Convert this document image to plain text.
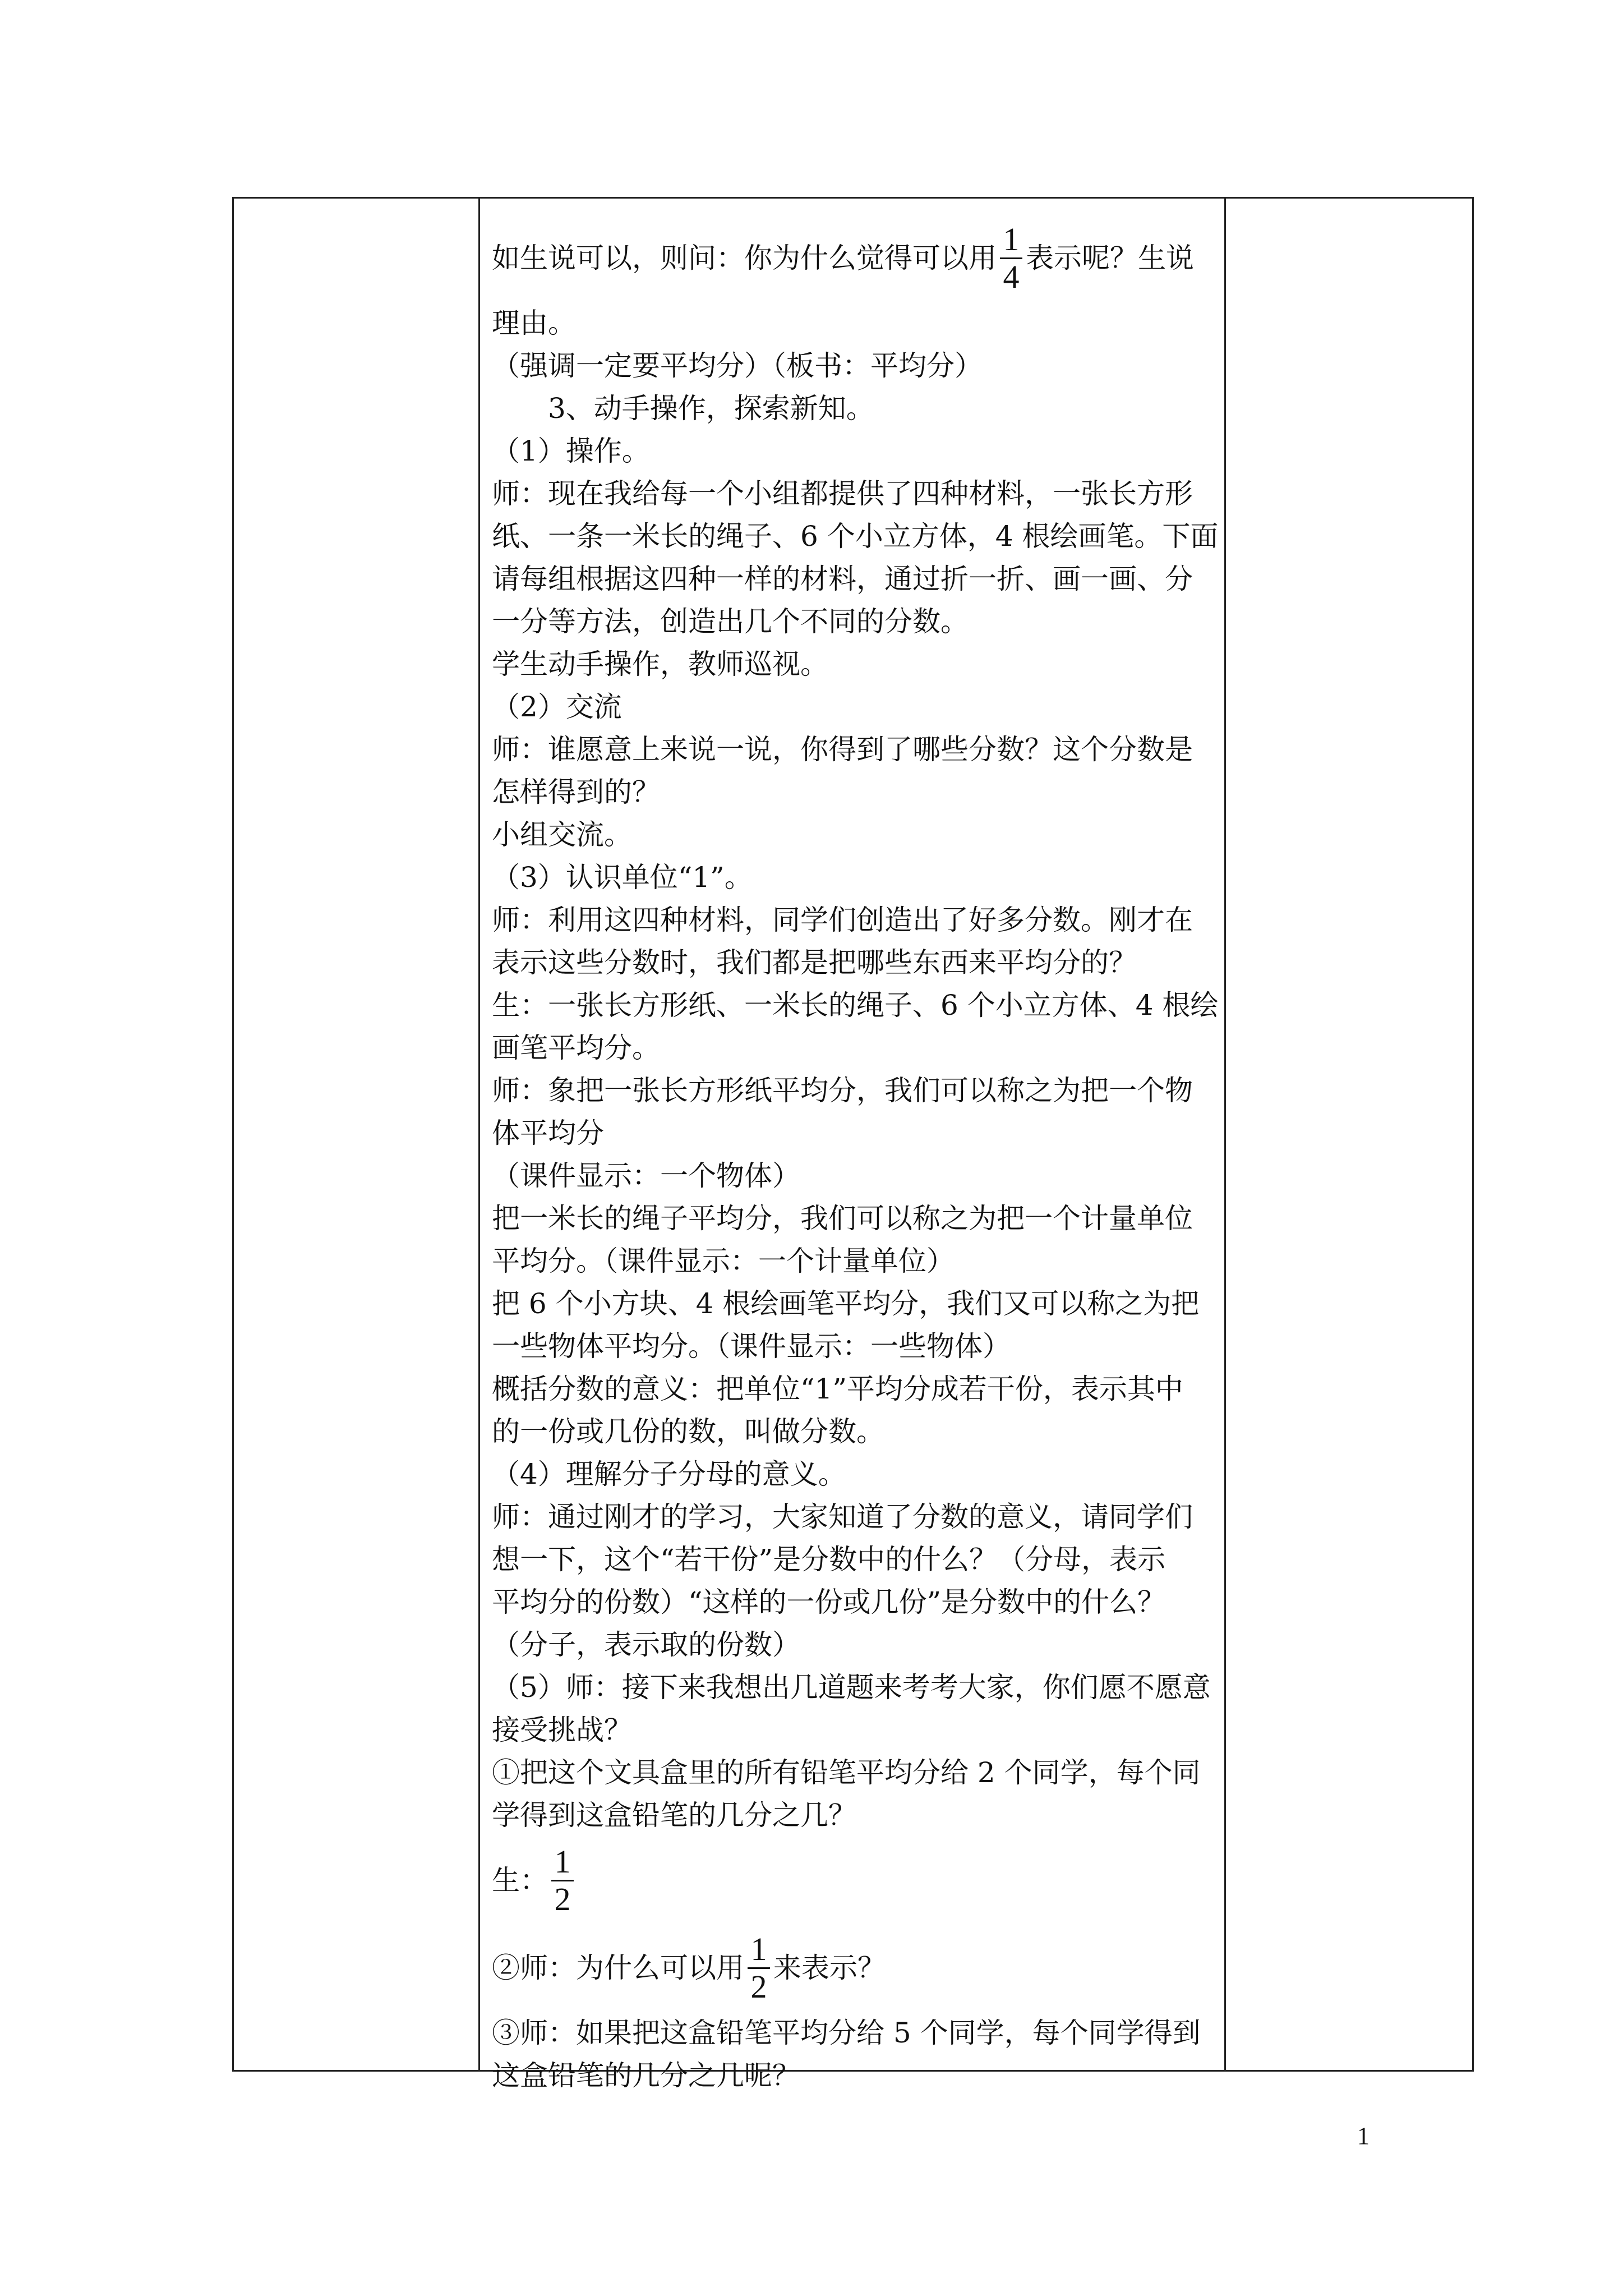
如生说可以，则问：你为什么觉得可以用 $\frac{1}{4}$ 表示呢？生说
理由。
（强调一定要平均分）（板书：平均分）
3、动手操作，探索新知。
（1）操作。
师：现在我给每一个小组都提供了四种材料，一张长方形
纸、一条一米长的绳子、6 个小立方体，4 根绘画笔。下面
请每组根据这四种一样的材料，通过折一折、画一画、分
一分等方法，创造出几个不同的分数。
学生动手操作，教师巡视。
（2）交流
师：谁愿意上来说一说，你得到了哪些分数？这个分数是
怎样得到的？
小组交流。
（3）认识单位“1”。
师：利用这四种材料，同学们创造出了好多分数。刚才在
表示这些分数时，我们都是把哪些东西来平均分的？
生：一张长方形纸、一米长的绳子、6 个小立方体、4 根绘
画笔平均分。
师：象把一张长方形纸平均分，我们可以称之为把一个物
体平均分
（课件显示：一个物体）
把一米长的绳子平均分，我们可以称之为把一个计量单位
平均分。（课件显示：一个计量单位）
把 6 个小方块、4 根绘画笔平均分，我们又可以称之为把
一些物体平均分。（课件显示：一些物体）
概括分数的意义：把单位“1”平均分成若干份，表示其中
的一份或几份的数，叫做分数。
（4）理解分子分母的意义。
师：通过刚才的学习，大家知道了分数的意义，请同学们
想一下，这个“若干份”是分数中的什么？（分母，表示
平均分的份数）“这样的一份或几份”是分数中的什么？
（分子，表示取的份数）
（5）师：接下来我想出几道题来考考大家，你们愿不愿意
接受挑战？
①把这个文具盒里的所有铅笔平均分给 2 个同学，每个同
学得到这盒铅笔的几分之几？
生： $\frac{1}{2}$
②师：为什么可以用 $\frac{1}{2}$ 来表示？
③师：如果把这盒铅笔平均分给 5 个同学，每个同学得到
这盒铅笔的几分之几呢？
1
